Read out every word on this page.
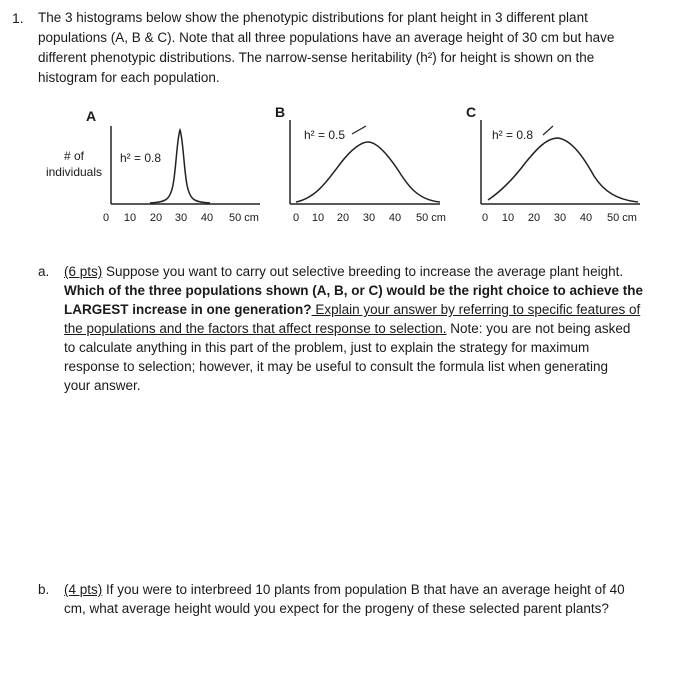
1. The 3 histograms below show the phenotypic distributions for plant height in 3 different plant
populations (A, B & C). Note that all three populations have an average height of 30 cm but have
different phenotypic distributions. The narrow-sense heritability (h²) for height is shown on the
histogram for each population.
A	B	C
# of
individuals
h² = 0.8
h² = 0.5	h² = 0.8
0 10 20 30 40 50 cm	0 10 20 30 40 50 cm	0 10 20 30 40 50 cm
a. (6 pts) Suppose you want to carry out selective breeding to increase the average plant height.
Which of the three populations shown (A, B, or C) would be the right choice to achieve the
LARGEST increase in one generation? Explain your answer by referring to specific features of
the populations and the factors that affect response to selection. Note: you are not being asked
to calculate anything in this part of the problem, just to explain the strategy for maximum
response to selection; however, it may be useful to consult the formula list when generating
your answer.
b. (4 pts) If you were to interbreed 10 plants from population B that have an average height of 40
cm, what average height would you expect for the progeny of these selected parent plants?
